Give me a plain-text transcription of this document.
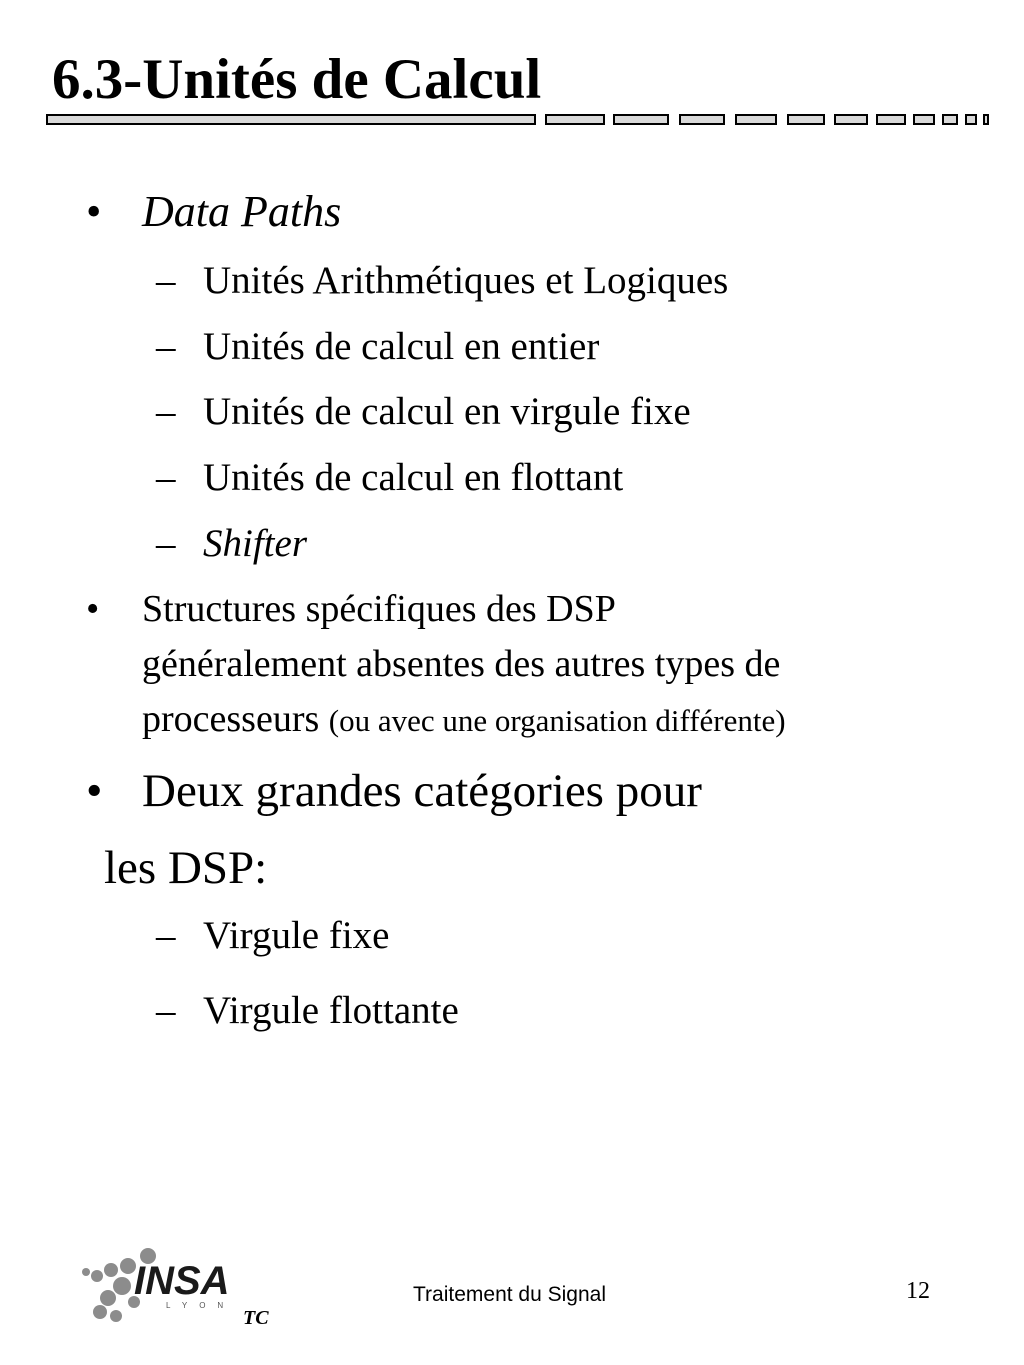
6.3-Unités de Calcul
• Data Paths
– Unités Arithmétiques et Logiques
– Unités de calcul en entier
– Unités de calcul en virgule fixe
– Unités de calcul en flottant
– Shifter
• Structures spécifiques des DSP
généralement absentes des autres types de
processeurs (ou avec une organisation différente)
• Deux grandes catégories pour
les DSP:
– Virgule fixe
– Virgule flottante
INSA
LYON
TC
Traitement du Signal	12
